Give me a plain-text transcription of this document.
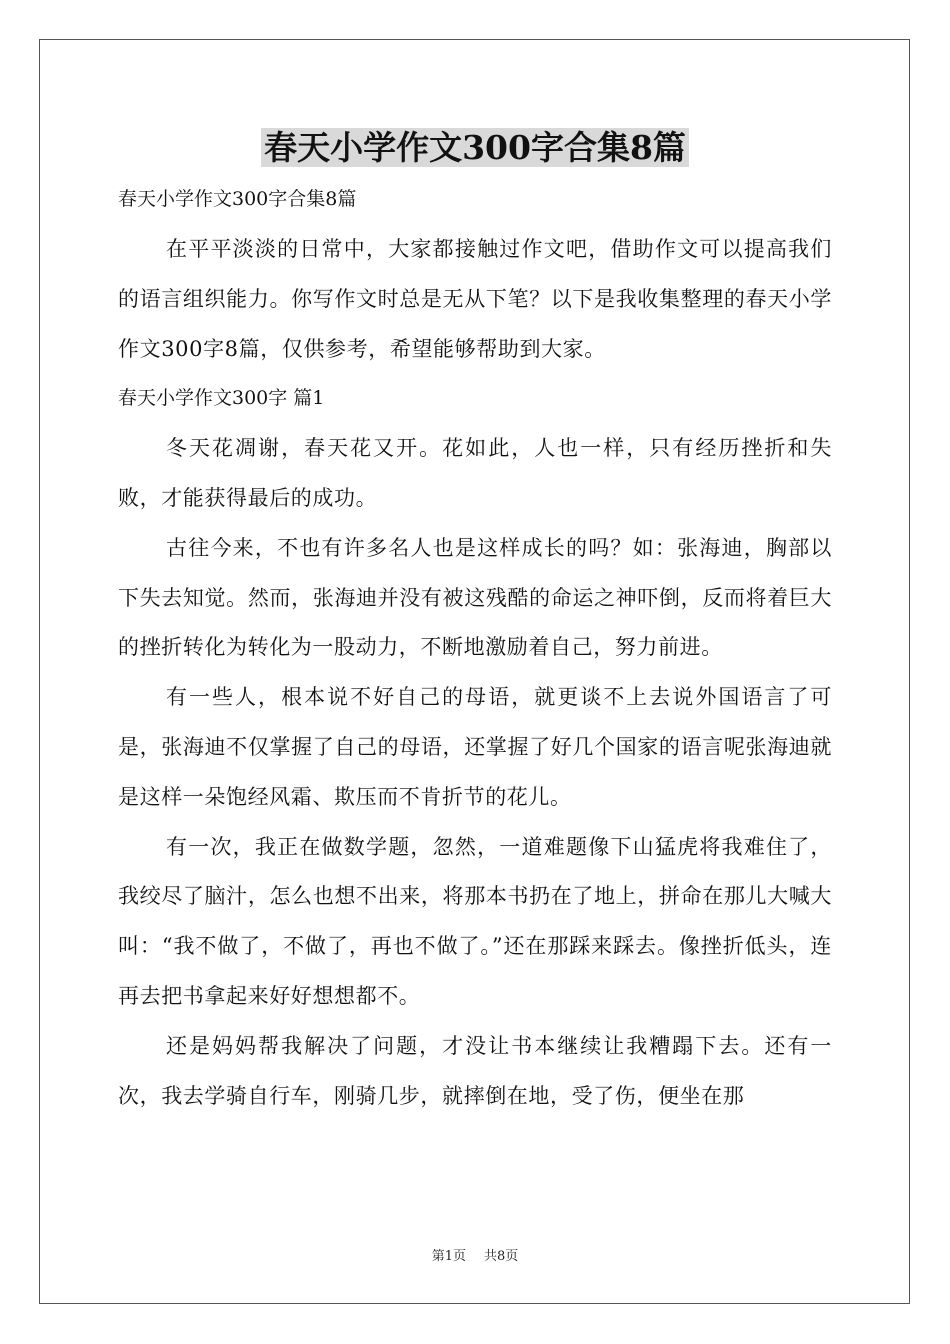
春天小学作文300字合集8篇
春天小学作文300字合集8篇

在平平淡淡的日常中，大家都接触过作文吧，借助作文可以提高我们的语言组织能力。你写作文时总是无从下笔？以下是我收集整理的春天小学作文300字8篇，仅供参考，希望能够帮助到大家。

春天小学作文300字 篇1

冬天花凋谢，春天花又开。花如此，人也一样，只有经历挫折和失败，才能获得最后的成功。

古往今来，不也有许多名人也是这样成长的吗？如：张海迪，胸部以下失去知觉。然而，张海迪并没有被这残酷的命运之神吓倒，反而将着巨大的挫折转化为转化为一股动力，不断地激励着自己，努力前进。

有一些人，根本说不好自己的母语，就更谈不上去说外国语言了可是，张海迪不仅掌握了自己的母语，还掌握了好几个国家的语言呢张海迪就是这样一朵饱经风霜、欺压而不肯折节的花儿。

有一次，我正在做数学题，忽然，一道难题像下山猛虎将我难住了，我绞尽了脑汁，怎么也想不出来，将那本书扔在了地上，拼命在那儿大喊大叫：“我不做了，不做了，再也不做了。”还在那踩来踩去。像挫折低头，连再去把书拿起来好好想想都不。

还是妈妈帮我解决了问题，才没让书本继续让我糟蹋下去。还有一次，我去学骑自行车，刚骑几步，就摔倒在地，受了伤，便坐在那

第1页 共8页
